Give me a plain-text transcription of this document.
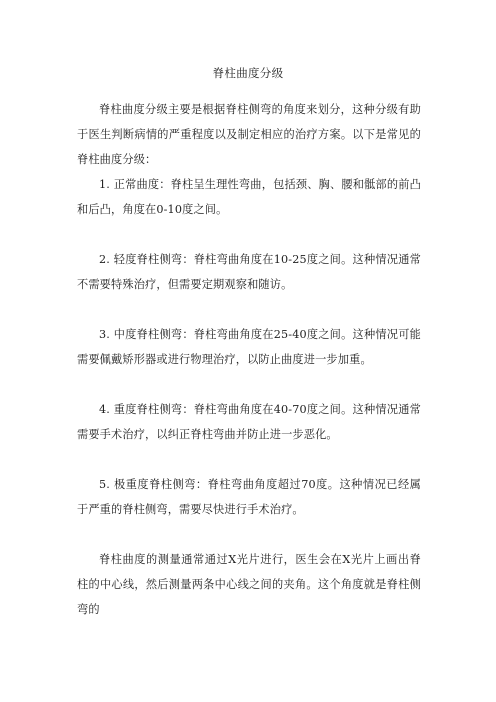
脊柱曲度分级

脊柱曲度分级主要是根据脊柱侧弯的角度来划分，这种分级有助于医生判断病情的严重程度以及制定相应的治疗方案。以下是常见的脊柱曲度分级：

1. 正常曲度：脊柱呈生理性弯曲，包括颈、胸、腰和骶部的前凸和后凸，角度在0-10度之间。

2. 轻度脊柱侧弯：脊柱弯曲角度在10-25度之间。这种情况通常不需要特殊治疗，但需要定期观察和随访。

3. 中度脊柱侧弯：脊柱弯曲角度在25-40度之间。这种情况可能需要佩戴矫形器或进行物理治疗，以防止曲度进一步加重。

4. 重度脊柱侧弯：脊柱弯曲角度在40-70度之间。这种情况通常需要手术治疗，以纠正脊柱弯曲并防止进一步恶化。

5. 极重度脊柱侧弯：脊柱弯曲角度超过70度。这种情况已经属于严重的脊柱侧弯，需要尽快进行手术治疗。

脊柱曲度的测量通常通过X光片进行，医生会在X光片上画出脊柱的中心线，然后测量两条中心线之间的夹角。这个角度就是脊柱侧弯的
